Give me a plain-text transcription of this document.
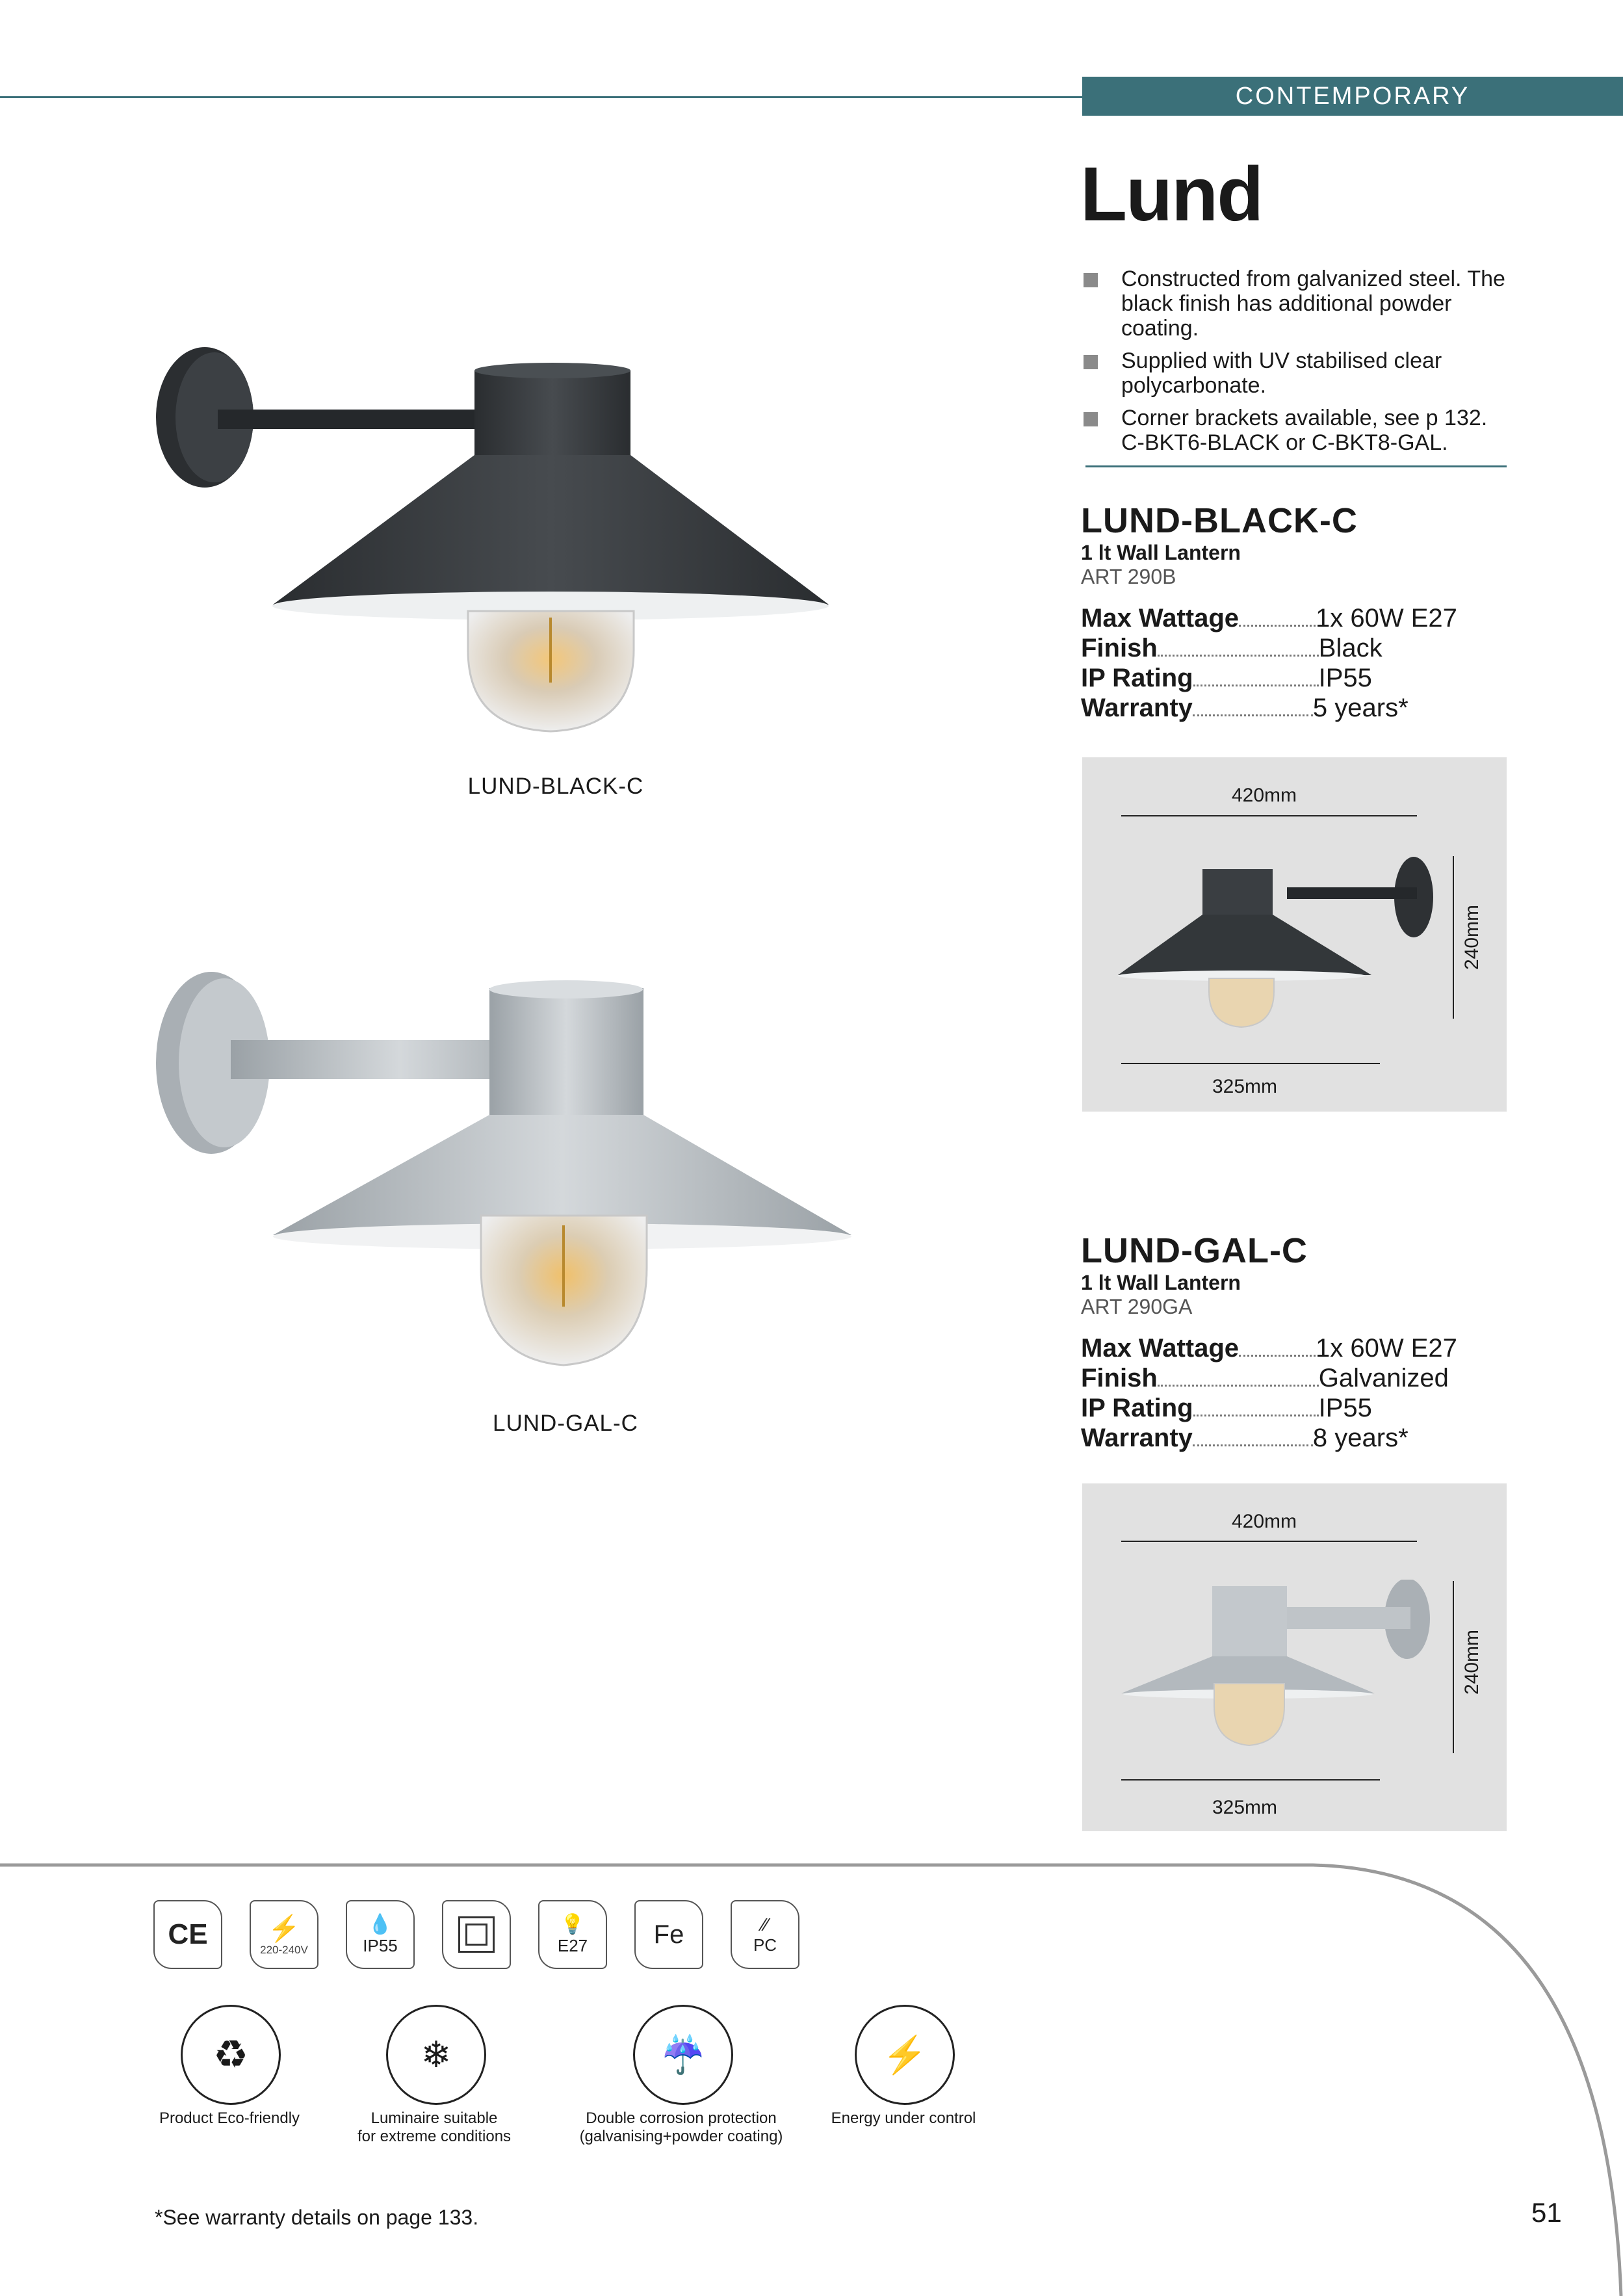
CONTEMPORARY
Lund
Constructed from galvanized steel. The black finish has additional powder coating.
Supplied with UV stabilised clear polycarbonate.
Corner brackets available, see p 132. C-BKT6-BLACK or C-BKT8-GAL.
LUND-BLACK-C
LUND-GAL-C
LUND-BLACK-C
1 lt Wall Lantern
ART 290B
Max Wattage	1x 60W E27
Finish	Black
IP Rating	IP55
Warranty	5 years*
420mm
240mm
325mm
LUND-GAL-C
1 lt Wall Lantern
ART 290GA
Max Wattage	1x 60W E27
Finish	Galvanized
IP Rating	IP55
Warranty	8 years*
420mm
240mm
325mm
CE ⚡
220-240V
💧
IP55
💡
E27	Fe	⁄⁄
PC
♻
Product Eco-friendly
❄
Luminaire suitable
for extreme conditions
☔
Double corrosion protection
(galvanising+powder coating)
⚡
Energy under control
*See warranty details on page 133.	51
